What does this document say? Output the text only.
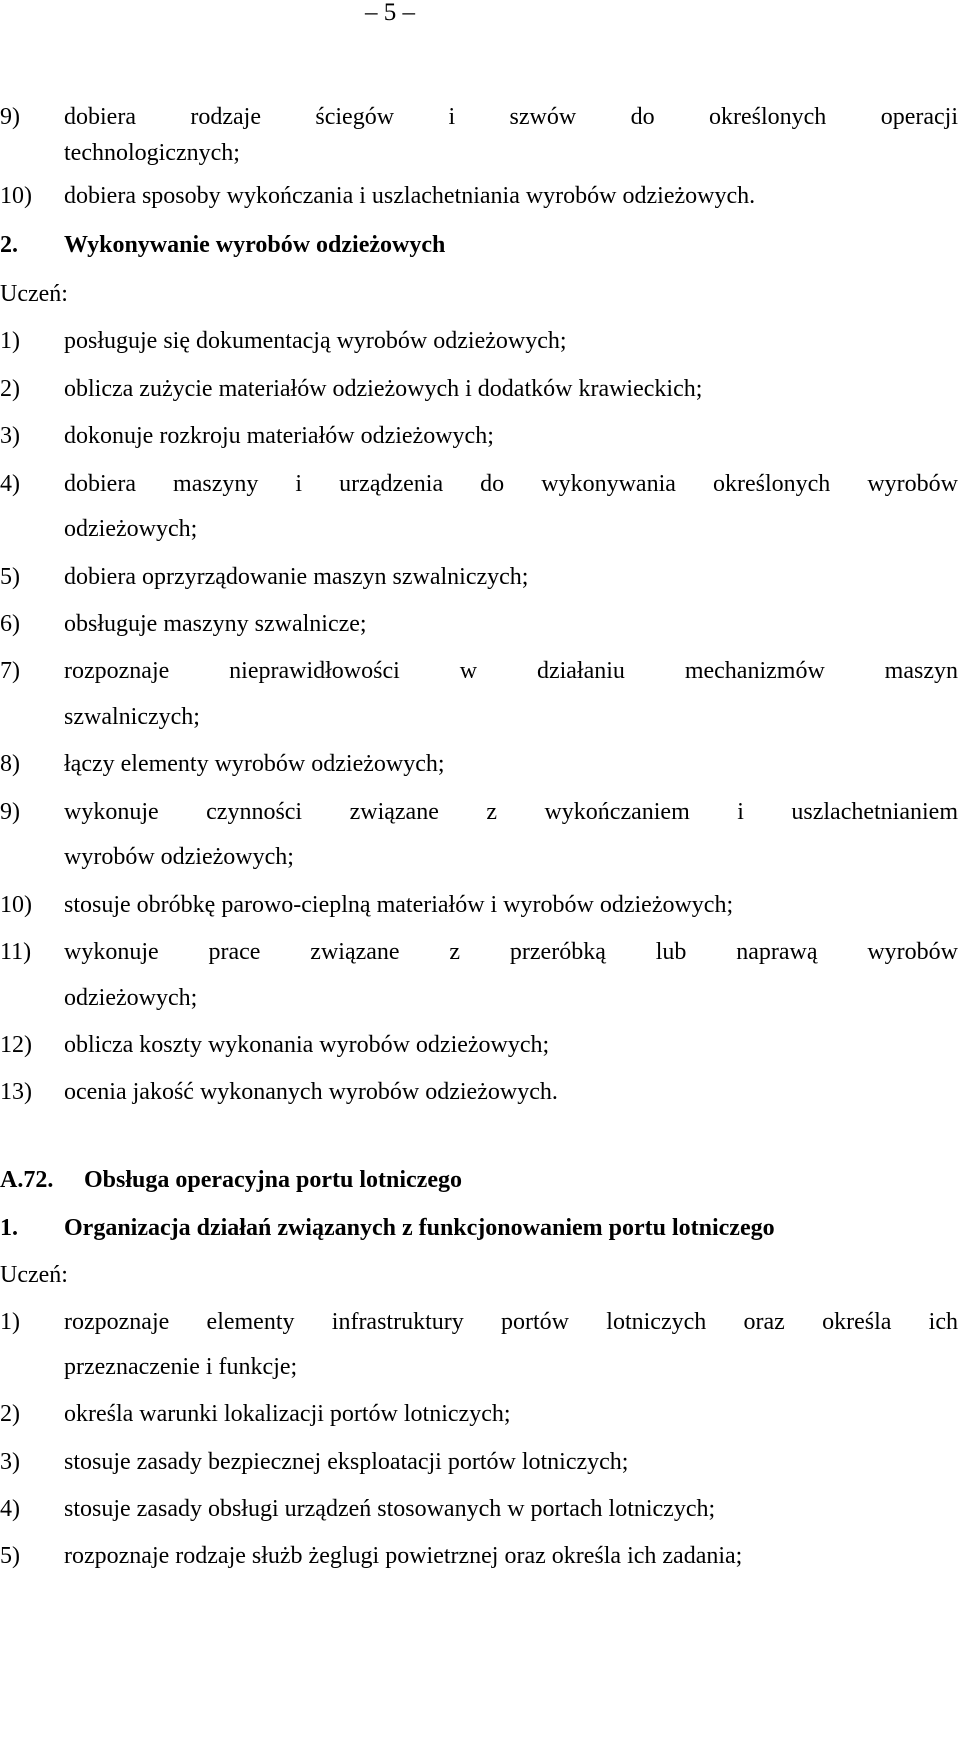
– 5 –
9) dobiera rodzaje ściegów i szwów do określonych operacji
technologicznych;
10) dobiera sposoby wykończania i uszlachetniania wyrobów odzieżowych.
2. Wykonywanie wyrobów odzieżowych
Uczeń:
1) posługuje się dokumentacją wyrobów odzieżowych;
2) oblicza zużycie materiałów odzieżowych i dodatków krawieckich;
3) dokonuje rozkroju materiałów odzieżowych;
4) dobiera maszyny i urządzenia do wykonywania określonych wyrobów
odzieżowych;
5) dobiera oprzyrządowanie maszyn szwalniczych;
6) obsługuje maszyny szwalnicze;
7) rozpoznaje nieprawidłowości w działaniu mechanizmów maszyn
szwalniczych;
8) łączy elementy wyrobów odzieżowych;
9) wykonuje czynności związane z wykończaniem i uszlachetnianiem
wyrobów odzieżowych;
10) stosuje obróbkę parowo-cieplną materiałów i wyrobów odzieżowych;
11) wykonuje prace związane z przeróbką lub naprawą wyrobów
odzieżowych;
12) oblicza koszty wykonania wyrobów odzieżowych;
13) ocenia jakość wykonanych wyrobów odzieżowych.
A.72. Obsługa operacyjna portu lotniczego
1. Organizacja działań związanych z funkcjonowaniem portu lotniczego
Uczeń:
1) rozpoznaje elementy infrastruktury portów lotniczych oraz określa ich
przeznaczenie i funkcje;
2) określa warunki lokalizacji portów lotniczych;
3) stosuje zasady bezpiecznej eksploatacji portów lotniczych;
4) stosuje zasady obsługi urządzeń stosowanych w portach lotniczych;
5) rozpoznaje rodzaje służb żeglugi powietrznej oraz określa ich zadania;
